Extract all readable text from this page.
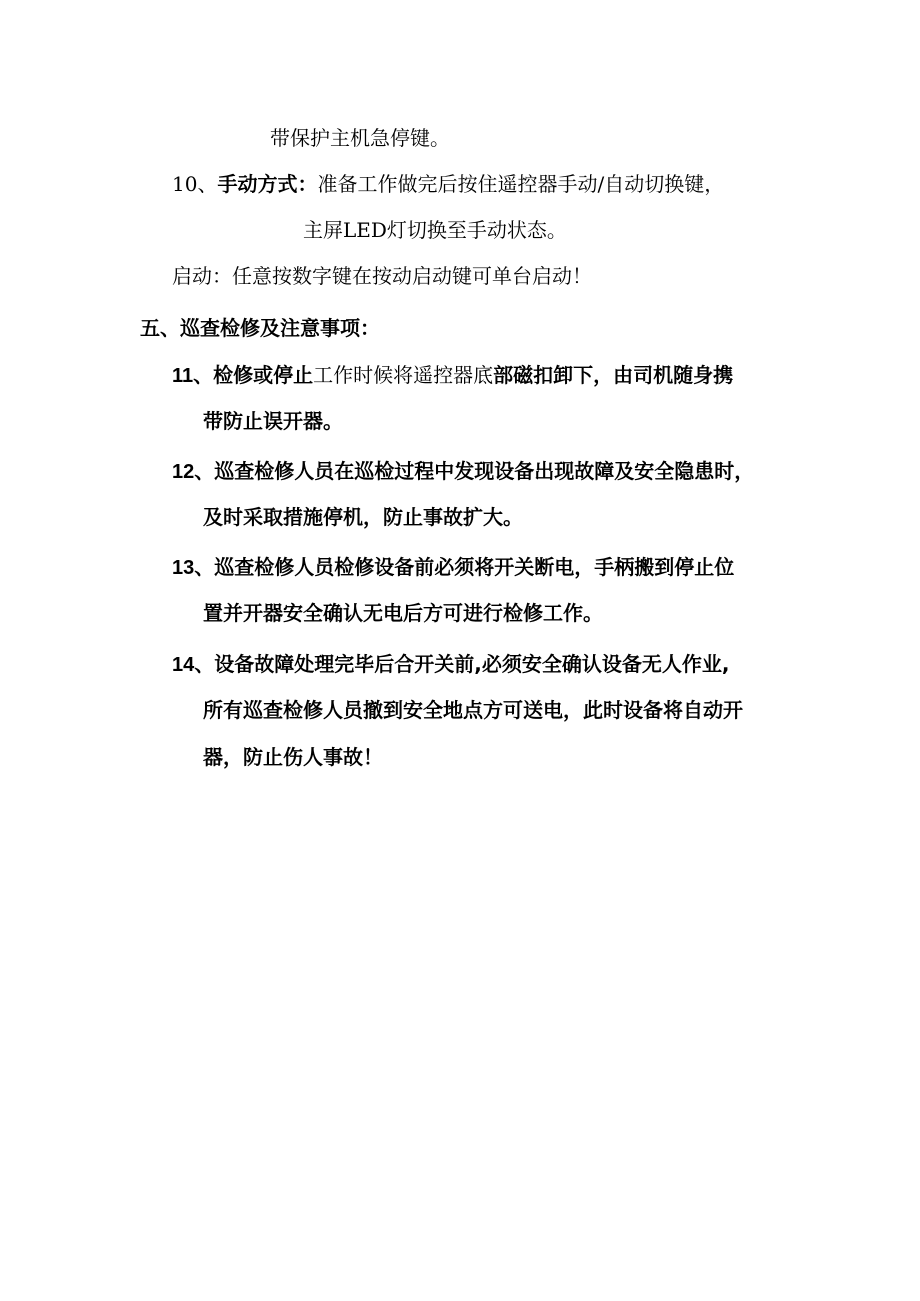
带保护主机急停键。
10、手动方式：准备工作做完后按住遥控器手动/自动切换键，
主屏LED灯切换至手动状态。
启动：任意按数字键在按动启动键可单台启动！
五、巡查检修及注意事项：
11、检修或停止工作时候将遥控器底部磁扣卸下，由司机随身携
带防止误开器。
12、巡查检修人员在巡检过程中发现设备出现故障及安全隐患时，
及时采取措施停机，防止事故扩大。
13、巡查检修人员检修设备前必须将开关断电，手柄搬到停止位
置并开器安全确认无电后方可进行检修工作。
14、设备故障处理完毕后合开关前,必须安全确认设备无人作业,
所有巡查检修人员撤到安全地点方可送电，此时设备将自动开
器，防止伤人事故！
